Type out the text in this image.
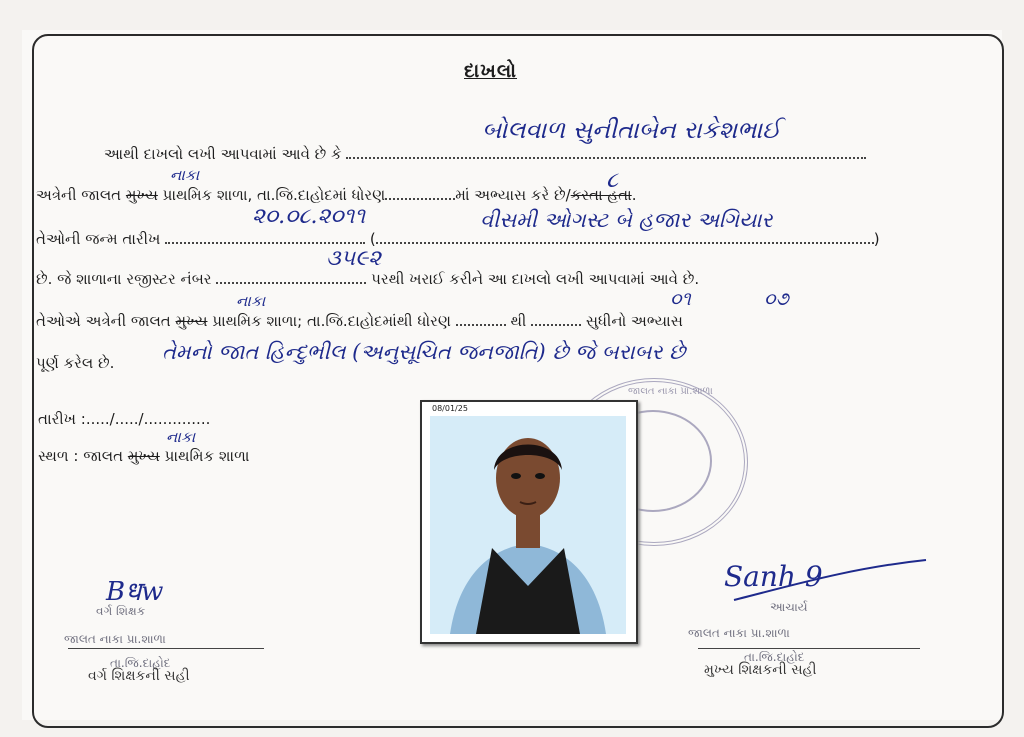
દાખલો
આથી દાખલો લખી આપવામાં આવે છે કે
બોલવાળ સુનીતાબેન રાકેશભાઈ
અત્રેની જાલત મુખ્ય પ્રાથમિક શાળા, તા.જિ.દાહોદમાં ધોરણ	માં અભ્યાસ કરે છે/કરતા હતા.
નાકા	૮
તેઓની જન્મ તારીખ	(	)
૨૦.૦૮.૨૦૧૧	વીસમી ઓગસ્ટ બે હજાર અગિયાર
છે. જે શાળાના રજીસ્ટર નંબર	પરથી ખરાઈ કરીને આ દાખલો લખી આપવામાં આવે છે.
૩૫૯૨
તેઓએ અત્રેની જાલત મુખ્ય પ્રાથમિક શાળા; તા.જિ.દાહોદમાંથી ધોરણ	થી	સુધીનો અભ્યાસ
નાકા	૦૧	૦૭
પૂર્ણ કરેલ છે. તેમનો જાત હિન્દુભીલ (અનુસૂચિત જનજાતિ) છે જે બરાબર છે
તારીખ :...../...../..............
સ્થળ : જાલત મુખ્ય પ્રાથમિક શાળા
નાકા
જાલત નાકા પ્રા.શાળા
08/01/25
Bधw
વર્ગ શિક્ષક
જાલત નાકા પ્રા.શાળા
તા.જિ.દાહોદ
વર્ગ શિક્ષકની સહી
Sanh 9
આચાર્ય
જાલત નાકા પ્રા.શાળા
તા.જિ.દાહોદ
મુખ્ય શિક્ષકની સહી
